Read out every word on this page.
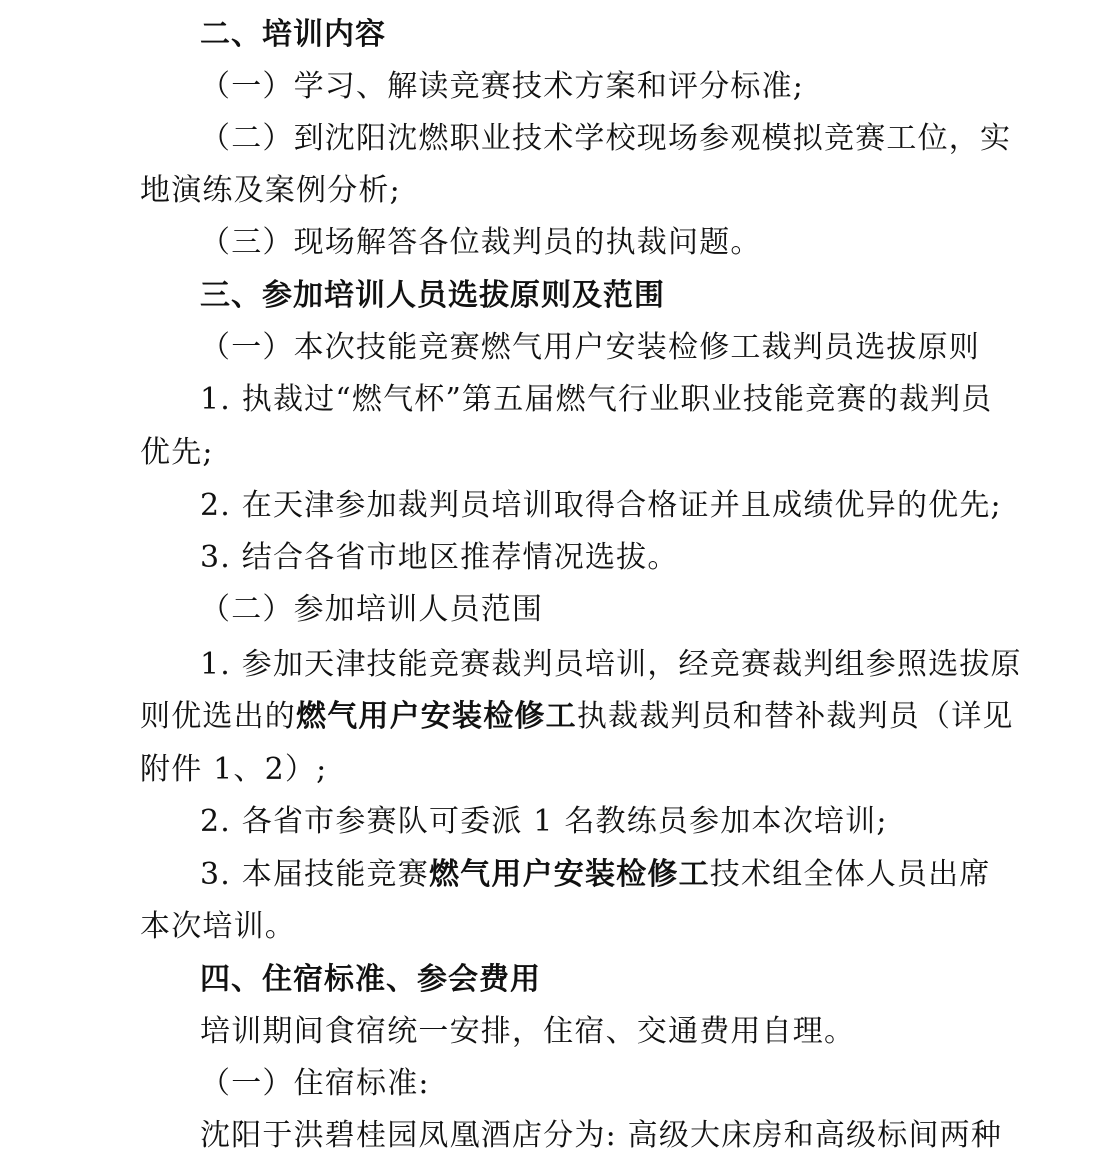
二、培训内容
（一）学习、解读竞赛技术方案和评分标准;
（二）到沈阳沈燃职业技术学校现场参观模拟竞赛工位，实
地演练及案例分析;
（三）现场解答各位裁判员的执裁问题。
三、参加培训人员选拔原则及范围
（一）本次技能竞赛燃气用户安装检修工裁判员选拔原则
1. 执裁过“燃气杯”第五届燃气行业职业技能竞赛的裁判员
优先;
2. 在天津参加裁判员培训取得合格证并且成绩优异的优先;
3. 结合各省市地区推荐情况选拔。
（二）参加培训人员范围
1. 参加天津技能竞赛裁判员培训，经竞赛裁判组参照选拔原
则优选出的燃气用户安装检修工执裁裁判员和替补裁判员（详见
附件 1、2）;
2. 各省市参赛队可委派 1 名教练员参加本次培训;
3. 本届技能竞赛燃气用户安装检修工技术组全体人员出席
本次培训。
四、住宿标准、参会费用
培训期间食宿统一安排，住宿、交通费用自理。
（一）住宿标准:
沈阳于洪碧桂园凤凰酒店分为: 高级大床房和高级标间两种
